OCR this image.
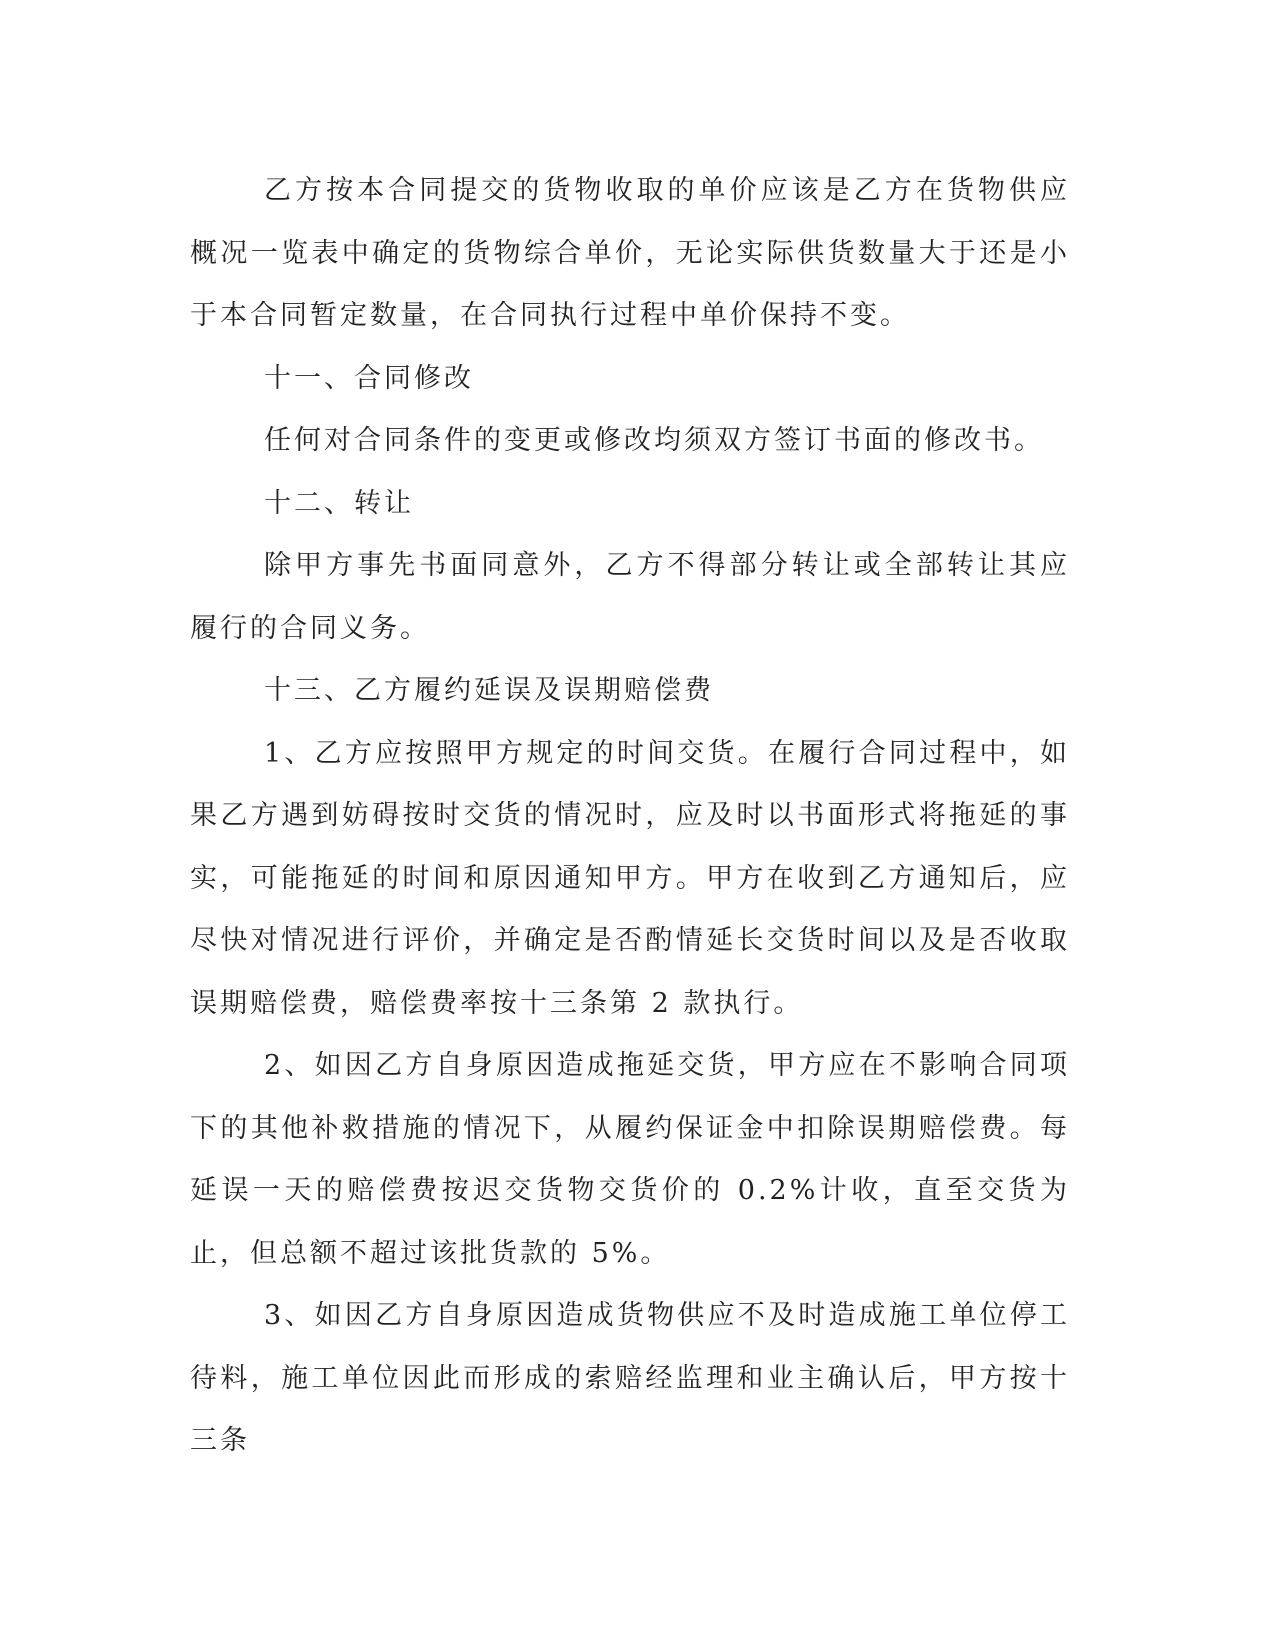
乙方按本合同提交的货物收取的单价应该是乙方在货物供应概况一览表中确定的货物综合单价，无论实际供货数量大于还是小于本合同暂定数量，在合同执行过程中单价保持不变。

十一、合同修改

任何对合同条件的变更或修改均须双方签订书面的修改书。

十二、转让

除甲方事先书面同意外，乙方不得部分转让或全部转让其应履行的合同义务。

十三、乙方履约延误及误期赔偿费

1、乙方应按照甲方规定的时间交货。在履行合同过程中，如果乙方遇到妨碍按时交货的情况时，应及时以书面形式将拖延的事实，可能拖延的时间和原因通知甲方。甲方在收到乙方通知后，应尽快对情况进行评价，并确定是否酌情延长交货时间以及是否收取误期赔偿费，赔偿费率按十三条第 2 款执行。

2、如因乙方自身原因造成拖延交货，甲方应在不影响合同项下的其他补救措施的情况下，从履约保证金中扣除误期赔偿费。每延误一天的赔偿费按迟交货物交货价的 0.2%计收，直至交货为止，但总额不超过该批货款的 5%。

3、如因乙方自身原因造成货物供应不及时造成施工单位停工待料，施工单位因此而形成的索赔经监理和业主确认后，甲方按十三条
